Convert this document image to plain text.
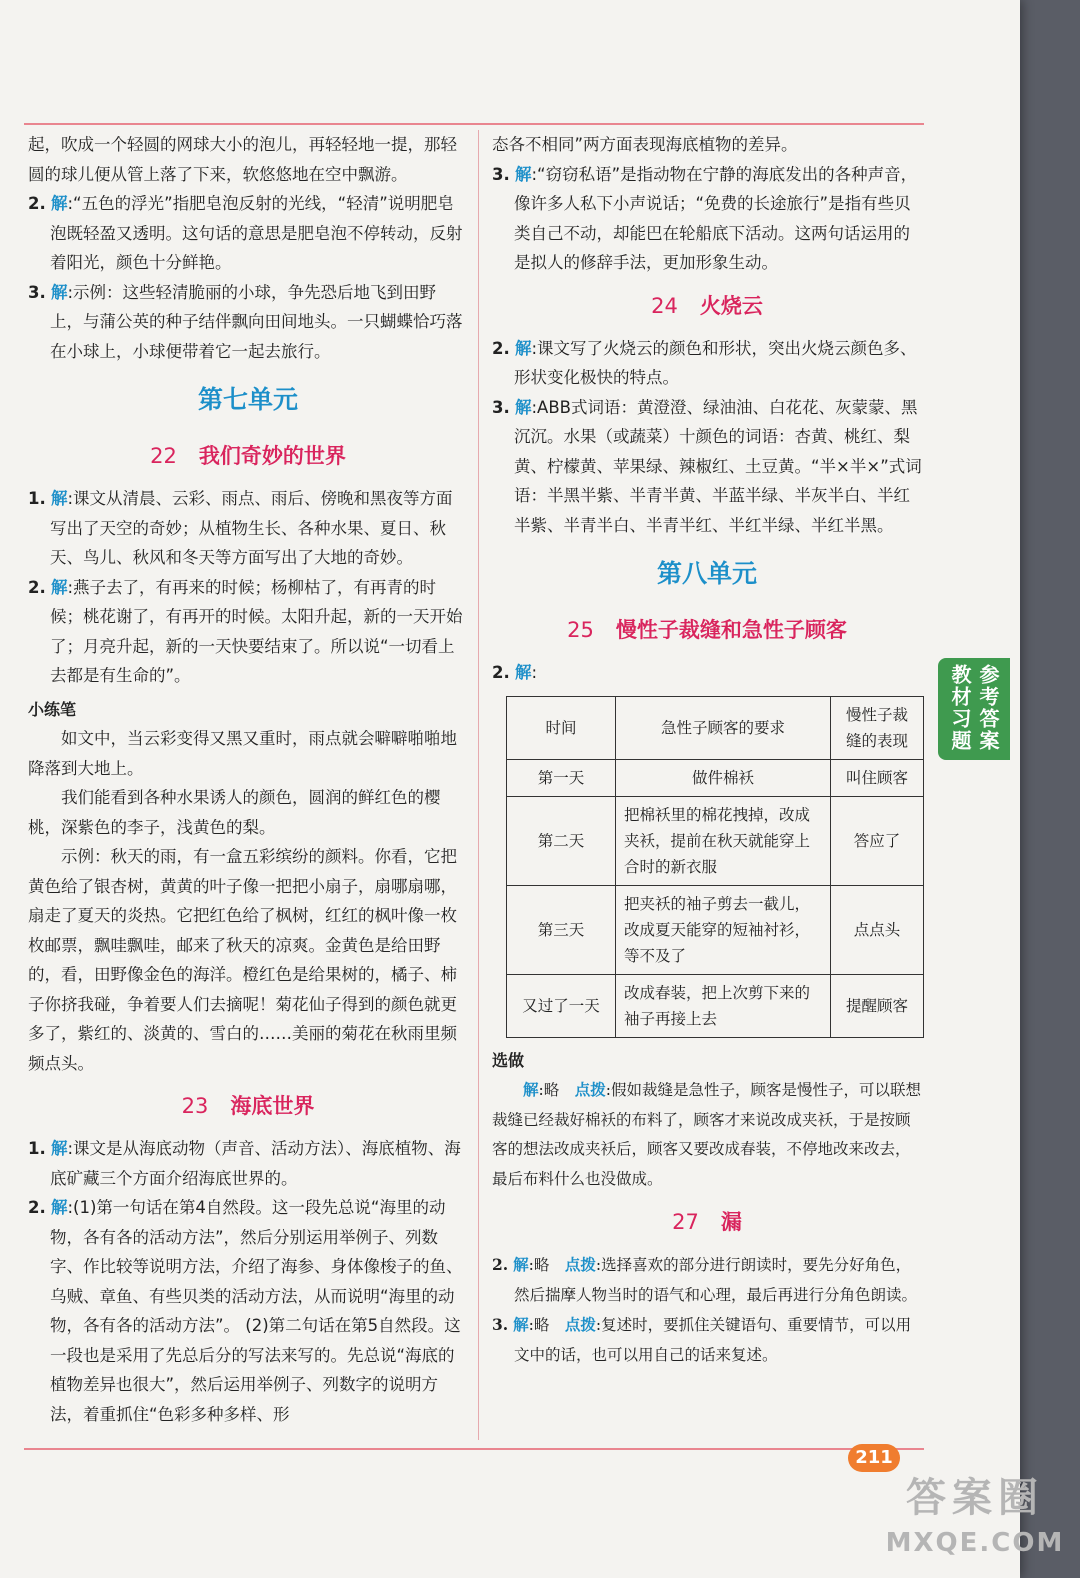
起，吹成一个轻圆的网球大小的泡儿，再轻轻地一提，那轻圆的球儿便从管上落了下来，软悠悠地在空中飘游。

2. 解:“五色的浮光”指肥皂泡反射的光线，“轻清”说明肥皂泡既轻盈又透明。这句话的意思是肥皂泡不停转动，反射着阳光，颜色十分鲜艳。

3. 解:示例：这些轻清脆丽的小球，争先恐后地飞到田野上，与蒲公英的种子结伴飘向田间地头。一只蝴蝶恰巧落在小球上，小球便带着它一起去旅行。

第七单元
22 我们奇妙的世界

1. 解:课文从清晨、云彩、雨点、雨后、傍晚和黑夜等方面写出了天空的奇妙；从植物生长、各种水果、夏日、秋天、鸟儿、秋风和冬天等方面写出了大地的奇妙。

2. 解:燕子去了，有再来的时候；杨柳枯了，有再青的时候；桃花谢了，有再开的时候。太阳升起，新的一天开始了；月亮升起，新的一天快要结束了。所以说“一切看上去都是有生命的”。

小练笔

如文中，当云彩变得又黑又重时，雨点就会噼噼啪啪地降落到大地上。

我们能看到各种水果诱人的颜色，圆润的鲜红色的樱桃，深紫色的李子，浅黄色的梨。

示例：秋天的雨，有一盒五彩缤纷的颜料。你看，它把黄色给了银杏树，黄黄的叶子像一把把小扇子，扇哪扇哪，扇走了夏天的炎热。它把红色给了枫树，红红的枫叶像一枚枚邮票，飘哇飘哇，邮来了秋天的凉爽。金黄色是给田野的，看，田野像金色的海洋。橙红色是给果树的，橘子、柿子你挤我碰，争着要人们去摘呢！菊花仙子得到的颜色就更多了，紫红的、淡黄的、雪白的……美丽的菊花在秋雨里频频点头。

23 海底世界

1. 解:课文是从海底动物（声音、活动方法）、海底植物、海底矿藏三个方面介绍海底世界的。

2. 解:(1)第一句话在第4自然段。这一段先总说“海里的动物，各有各的活动方法”，然后分别运用举例子、列数字、作比较等说明方法，介绍了海参、身体像梭子的鱼、乌贼、章鱼、有些贝类的活动方法，从而说明“海里的动物，各有各的活动方法”。 (2)第二句话在第5自然段。这一段也是采用了先总后分的写法来写的。先总说“海底的植物差异也很大”，然后运用举例子、列数字的说明方法，着重抓住“色彩多种多样、形

态各不相同”两方面表现海底植物的差异。

3. 解:“窃窃私语”是指动物在宁静的海底发出的各种声音，像许多人私下小声说话；“免费的长途旅行”是指有些贝类自己不动，却能巴在轮船底下活动。这两句话运用的是拟人的修辞手法，更加形象生动。

24 火烧云

2. 解:课文写了火烧云的颜色和形状，突出火烧云颜色多、形状变化极快的特点。

3. 解:ABB式词语：黄澄澄、绿油油、白花花、灰蒙蒙、黑沉沉。水果（或蔬菜）十颜色的词语：杏黄、桃红、梨黄、柠檬黄、苹果绿、辣椒红、土豆黄。“半×半×”式词语：半黑半紫、半青半黄、半蓝半绿、半灰半白、半红半紫、半青半白、半青半红、半红半绿、半红半黑。

第八单元
25 慢性子裁缝和急性子顾客

2. 解:

时间	急性子顾客的要求	慢性子裁缝的表现
第一天	做件棉袄	叫住顾客
第二天	把棉袄里的棉花拽掉，改成夹袄，提前在秋天就能穿上合时的新衣服	答应了
第三天	把夹袄的袖子剪去一截儿，改成夏天能穿的短袖衬衫，等不及了	点点头
又过了一天	改成春装，把上次剪下来的袖子再接上去	提醒顾客
选做

解:略　 点拨:假如裁缝是急性子，顾客是慢性子，可以联想裁缝已经裁好棉袄的布料了，顾客才来说改成夹袄，于是按顾客的想法改成夹袄后，顾客又要改成春装，不停地改来改去，最后布料什么也没做成。

27 漏

2. 解:略　 点拨:选择喜欢的部分进行朗读时，要先分好角色，然后揣摩人物当时的语气和心理，最后再进行分角色朗读。

3. 解:略　 点拨:复述时，要抓住关键语句、重要情节，可以用文中的话，也可以用自己的话来复述。

211
参考答案
教材习题
答案圈
MXQE.COM
